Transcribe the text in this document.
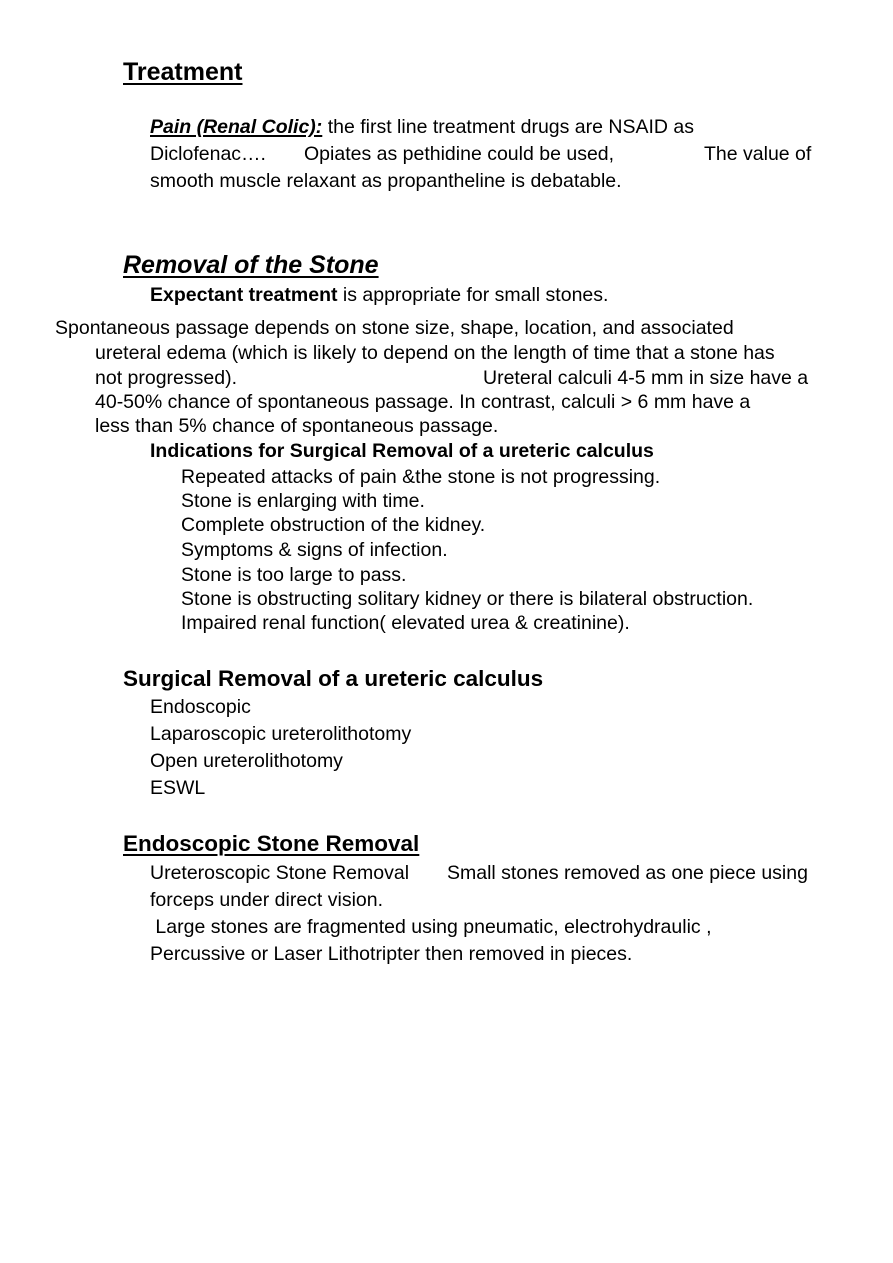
Treatment
Pain (Renal Colic): the first line treatment drugs are NSAID as
Diclofenac…. Opiates as pethidine could be used,	The value of
smooth muscle relaxant as propantheline is debatable.
Removal of the Stone
Expectant treatment is appropriate for small stones.
Spontaneous passage depends on stone size, shape, location, and associated
ureteral edema (which is likely to depend on the length of time that a stone has
not progressed).	Ureteral calculi 4-5 mm in size have a
40-50% chance of spontaneous passage. In contrast, calculi > 6 mm have a
less than 5% chance of spontaneous passage.
Indications for Surgical Removal of a ureteric calculus
Repeated attacks of pain &the stone is not progressing.
Stone is enlarging with time.
Complete obstruction of the kidney.
Symptoms & signs of infection.
Stone is too large to pass.
Stone is obstructing solitary kidney or there is bilateral obstruction.
Impaired renal function( elevated urea & creatinine).
Surgical Removal of a ureteric calculus
Endoscopic
Laparoscopic ureterolithotomy
Open ureterolithotomy
ESWL
Endoscopic Stone Removal
Ureteroscopic Stone Removal Small stones removed as one piece using
forceps under direct vision.
Large stones are fragmented using pneumatic, electrohydraulic ,
Percussive or Laser Lithotripter then removed in pieces.
